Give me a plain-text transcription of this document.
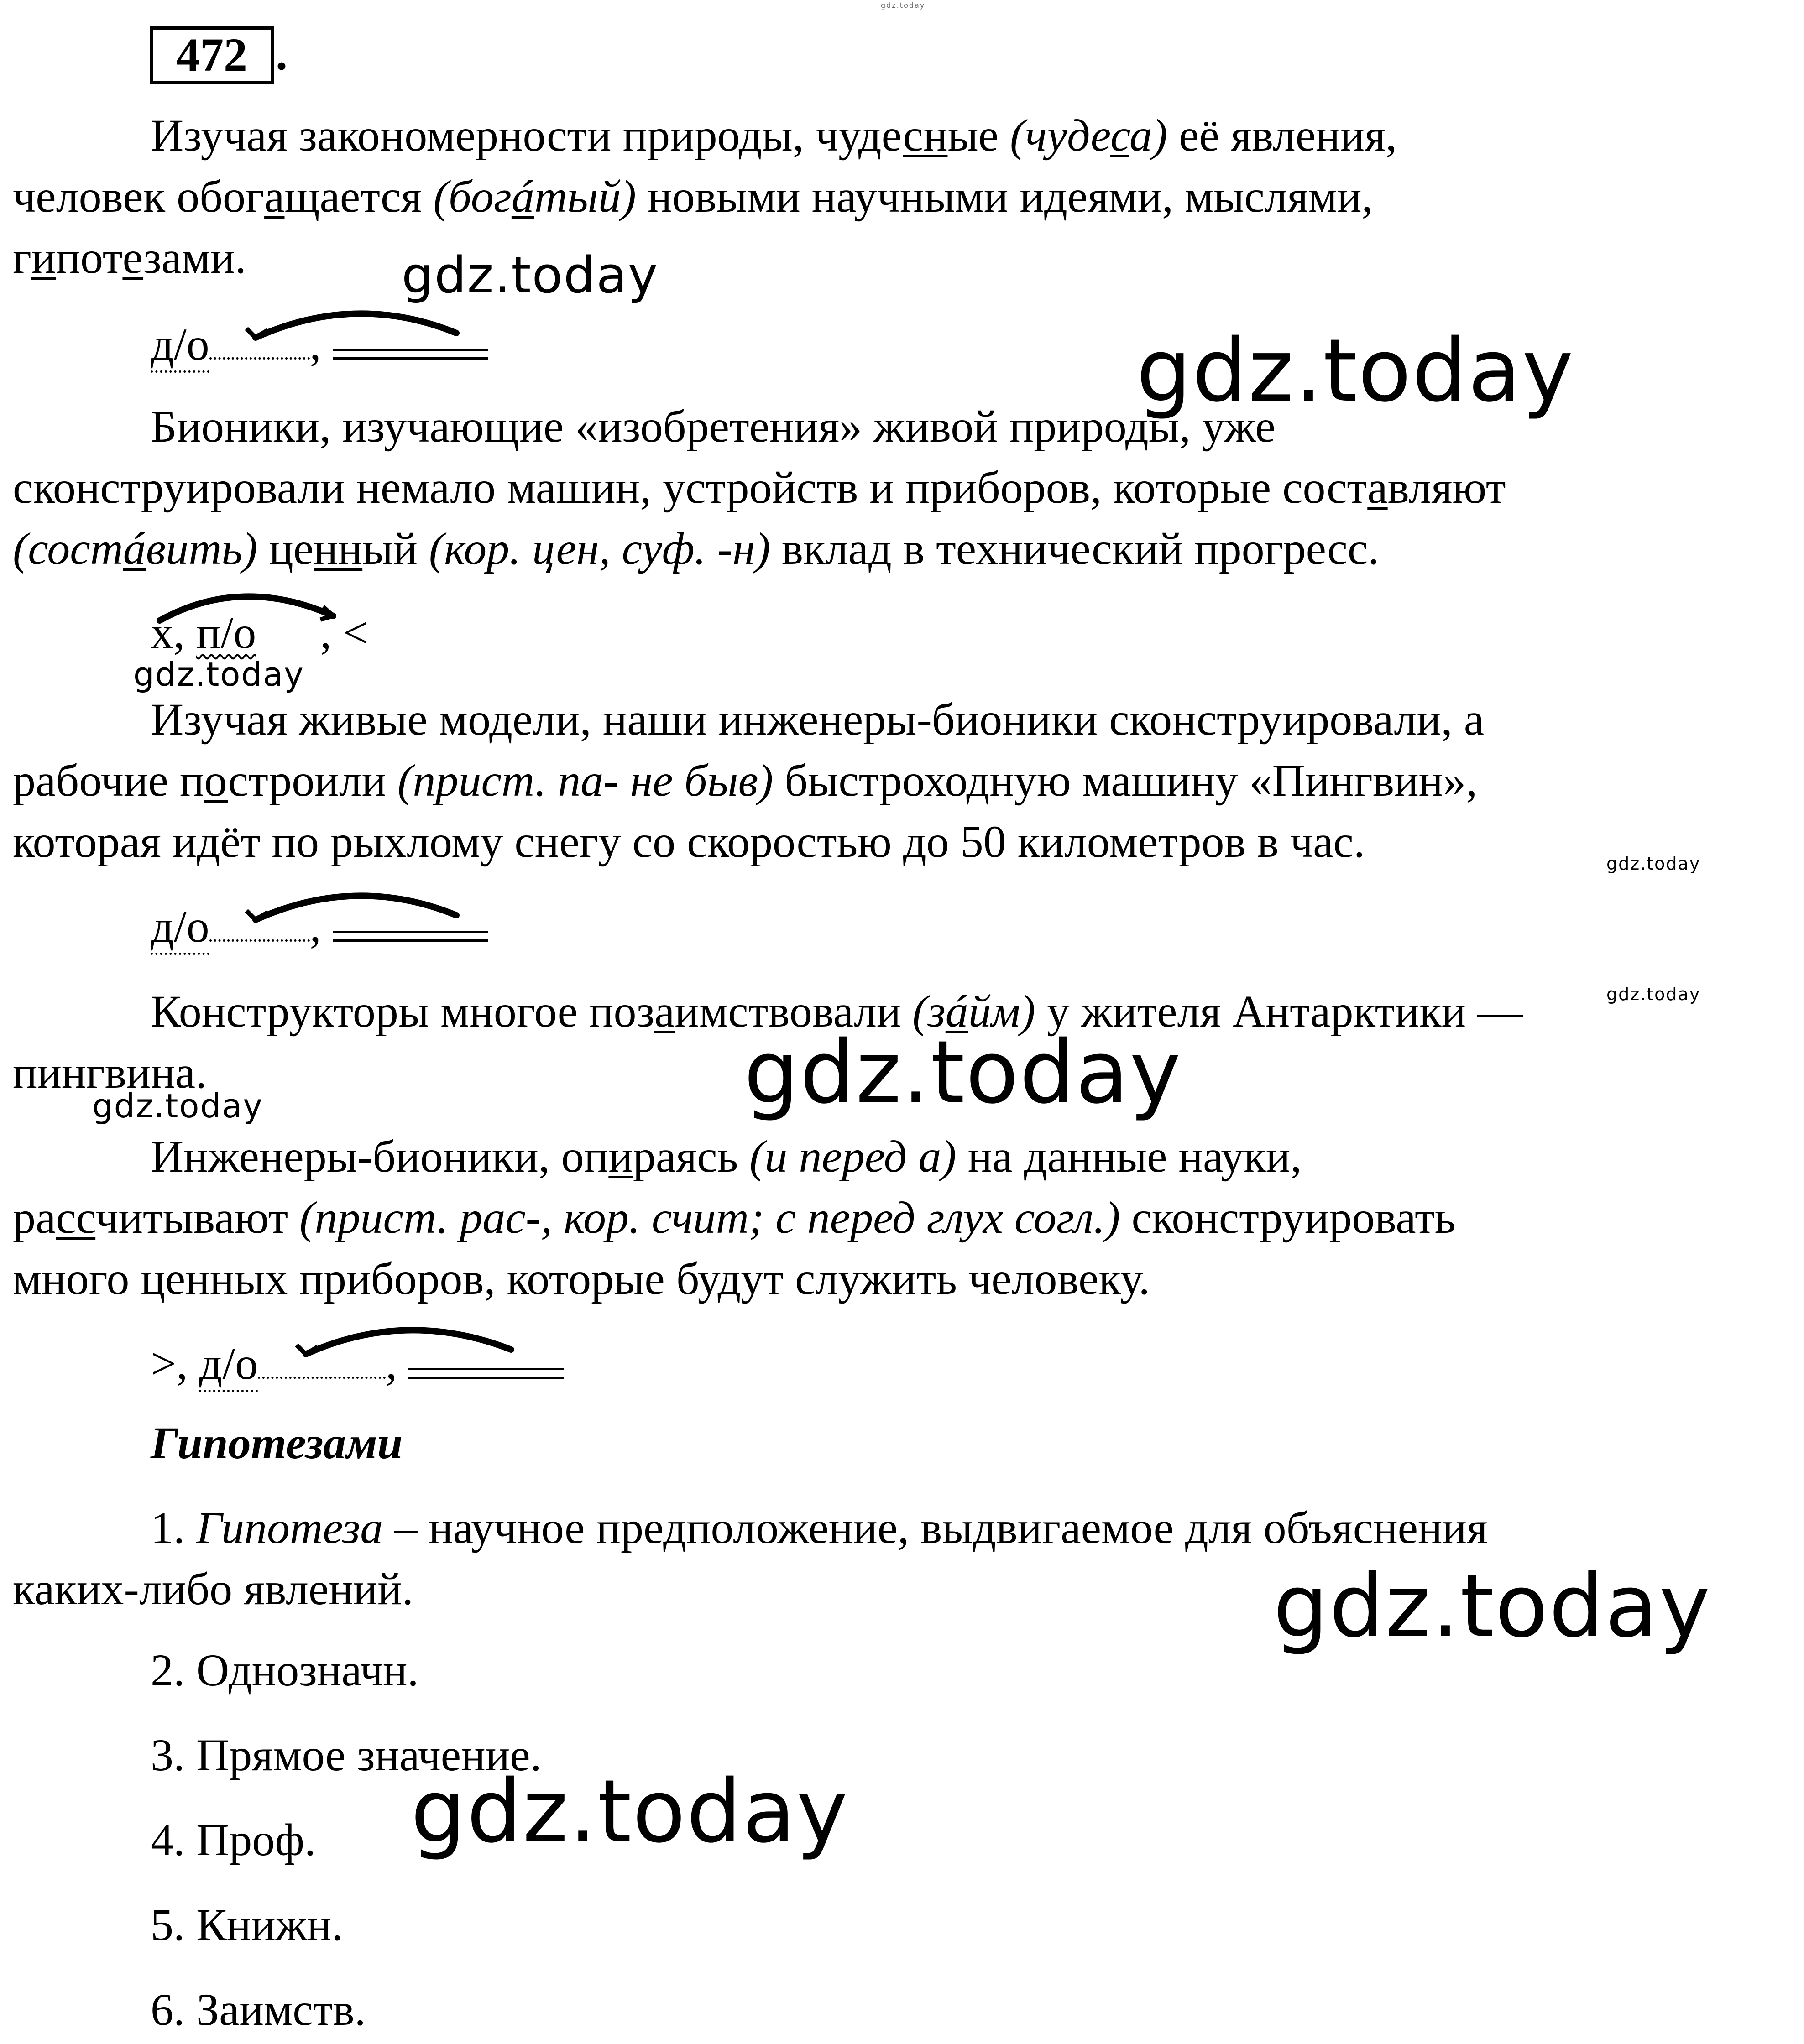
472 .
Изучая закономерности природы, чудесные (чудеса) её явления,
человек обогащается (богáтый) новыми научными идеями, мыслями,
гипотезами.
д/о ,
Бионики, изучающие «изобретения» живой природы, уже
сконструировали немало машин, устройств и приборов, которые составляют
(состáвить) ценный (кор. цен, суф. -н) вклад в технический прогресс.
х, п/о , <
Изучая живые модели, наши инженеры-бионики сконструировали, а
рабочие построили (прист. па- не быв) быстроходную машину «Пингвин»,
которая идёт по рыхлому снегу со скоростью до 50 километров в час.
д/о ,
Конструкторы многое позаимствовали (зáйм) у жителя Антарктики —
пингвина.
Инженеры-бионики, опираясь (и перед а) на данные науки,
рассчитывают (прист. рас-, кор. счит; с перед глух согл.) сконструировать
много ценных приборов, которые будут служить человеку.
>, д/о	,
Гипотезами
1. Гипотеза – научное предположение, выдвигаемое для объяснения
каких-либо явлений.
2. Однозначн.
3. Прямое значение.
4. Проф.
5. Книжн.
6. Заимств.
gdz.today
gdz.today
gdz.today
gdz.today
gdz.today
gdz.today
gdz.today
gdz.today
gdz.today
gdz.today
